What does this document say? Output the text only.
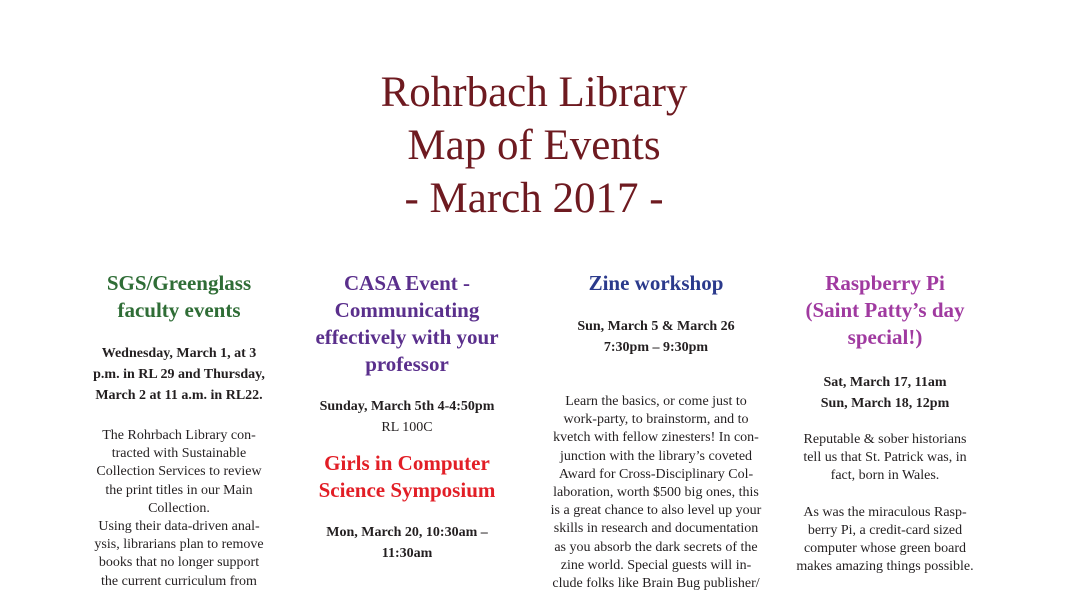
Rohrbach Library
Map of Events
- March 2017 -
SGS/Greenglass
faculty events
Wednesday, March 1, at 3
p.m. in RL 29 and Thursday,
March 2 at 11 a.m. in RL22.
The Rohrbach Library con-
tracted with Sustainable
Collection Services to review
the print titles in our Main
Collection.
Using their data-driven anal-
ysis, librarians plan to remove
books that no longer support
the current curriculum from
CASA Event -
Communicating
effectively with your
professor
Sunday, March 5th 4-4:50pm
RL 100C
Girls in Computer
Science Symposium
Mon, March 20, 10:30am –
11:30am
Zine workshop
Sun, March 5 & March 26
7:30pm – 9:30pm
Learn the basics, or come just to
work-party, to brainstorm, and to
kvetch with fellow zinesters! In con-
junction with the library’s coveted
Award for Cross-Disciplinary Col-
laboration, worth $500 big ones, this
is a great chance to also level up your
skills in research and documentation
as you absorb the dark secrets of the
zine world. Special guests will in-
clude folks like Brain Bug publisher/
Raspberry Pi
(Saint Patty’s day
special!)
Sat, March 17, 11am
Sun, March 18, 12pm
Reputable & sober historians
tell us that St. Patrick was, in
fact, born in Wales.

As was the miraculous Rasp-
berry Pi, a credit-card sized
computer whose green board
makes amazing things possible.
